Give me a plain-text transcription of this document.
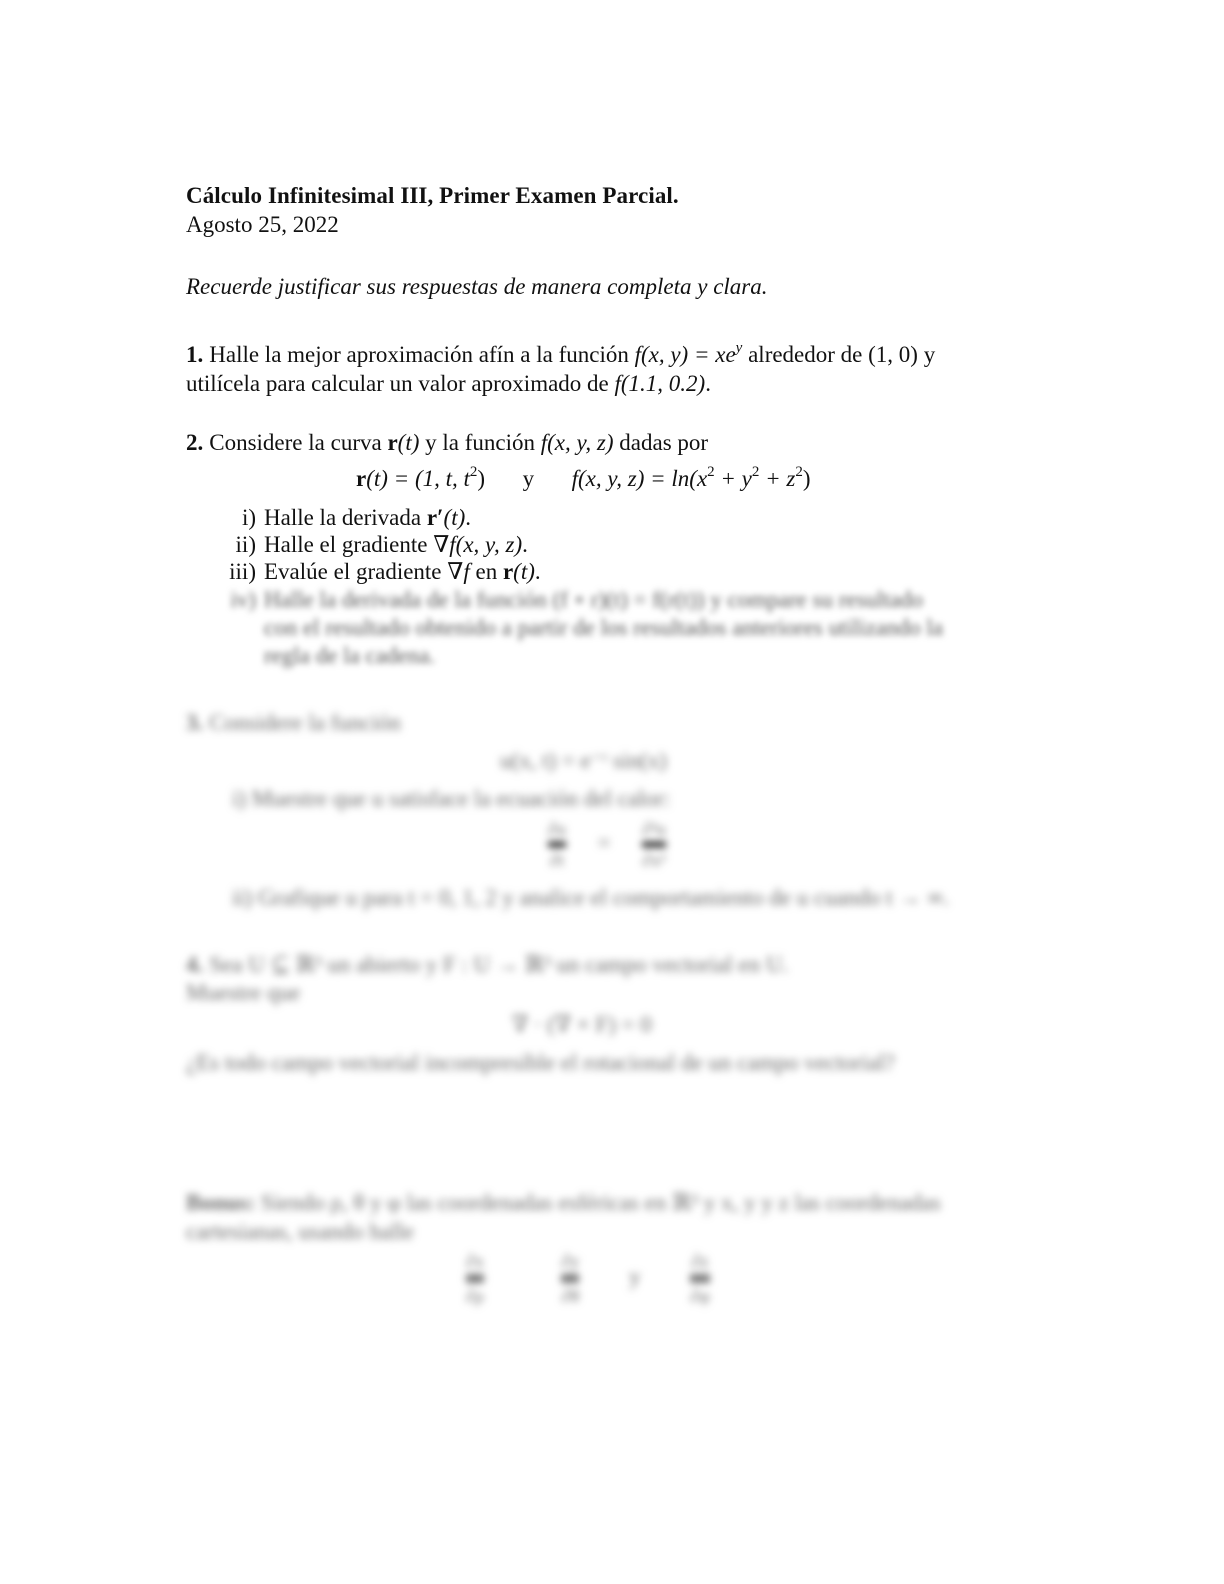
Cálculo Infinitesimal III, Primer Examen Parcial.
Agosto 25, 2022
Recuerde justificar sus respuestas de manera completa y clara.
1. Halle la mejor aproximación afín a la función f(x, $y) = xe^y$ alrededor de (1, 0) y
utilícela para calcular un valor aproximado de f(1.1, 0.2).
2. Considere la curva r(t) y la función f(x, y, z) dadas por
r(t) = (1, t, $t^2$) y f(x, y, $z) = \ln(x^2 + y^2 + z^2)$
i) Halle la derivada r′(t).
ii) Halle el gradiente ∇f(x, y, z).
iii) Evalúe el gradiente ∇f en r(t).
iv) Halle la derivada de la función (f ∘ r)(t) = f(r(t)) y compare su resultado
con el resultado obtenido a partir de los resultados anteriores utilizando la
regla de la cadena.
3. Considere la función
u(x, t) = e⁻ᵗ sin(x)
i) Muestre que u satisface la ecuación del calor:
∂u
∂t
=
∂²u
∂x²
ii) Grafique u para t = 0, 1, 2 y analice el comportamiento de u cuando t → ∞.
4. Sea U ⊆ ℝ³ un abierto y F : U → ℝ³ un campo vectorial en U.
Muestre que
∇ · (∇ × F) = 0
¿Es todo campo vectorial incompresible el rotacional de un campo vectorial?
Bonus: Siendo ρ, θ y φ las coordenadas esféricas en ℝ³ y x, y y z las coordenadas
cartesianas, usando halle
∂x
∂ρ

∂y
∂θ
y
∂z
∂φ
